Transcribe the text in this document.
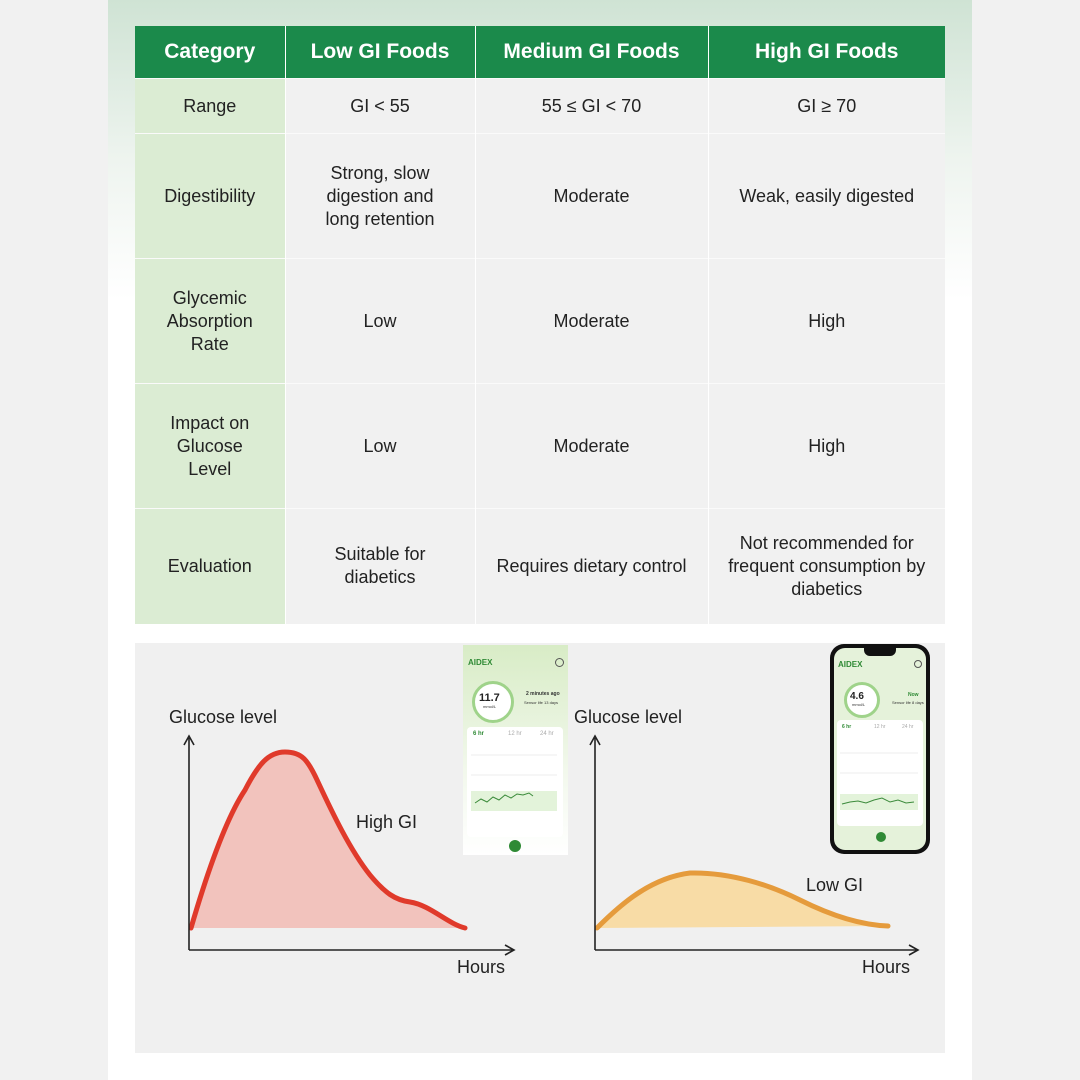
Category	Low GI Foods	Medium GI Foods	High GI Foods
Range	GI < 55	55 ≤ GI < 70	GI ≥ 70
Digestibility	Strong, slow digestion and long retention	Moderate	Weak, easily digested
Glycemic Absorption Rate	Low	Moderate	High
Impact on Glucose Level	Low	Moderate	High
Evaluation	Suitable for diabetics	Requires dietary control	Not recommended for frequent consumption by diabetics
Glucose level
High GI
Hours
Glucose level
Low GI
Hours
AIDEX
11.7
mmol/L
2 minutes ago
Sensor life 13 days
6 hr	12 hr	24 hr
AIDEX
4.6
mmol/L
Now
Sensor life 8 days
6 hr	12 hr	24 hr
